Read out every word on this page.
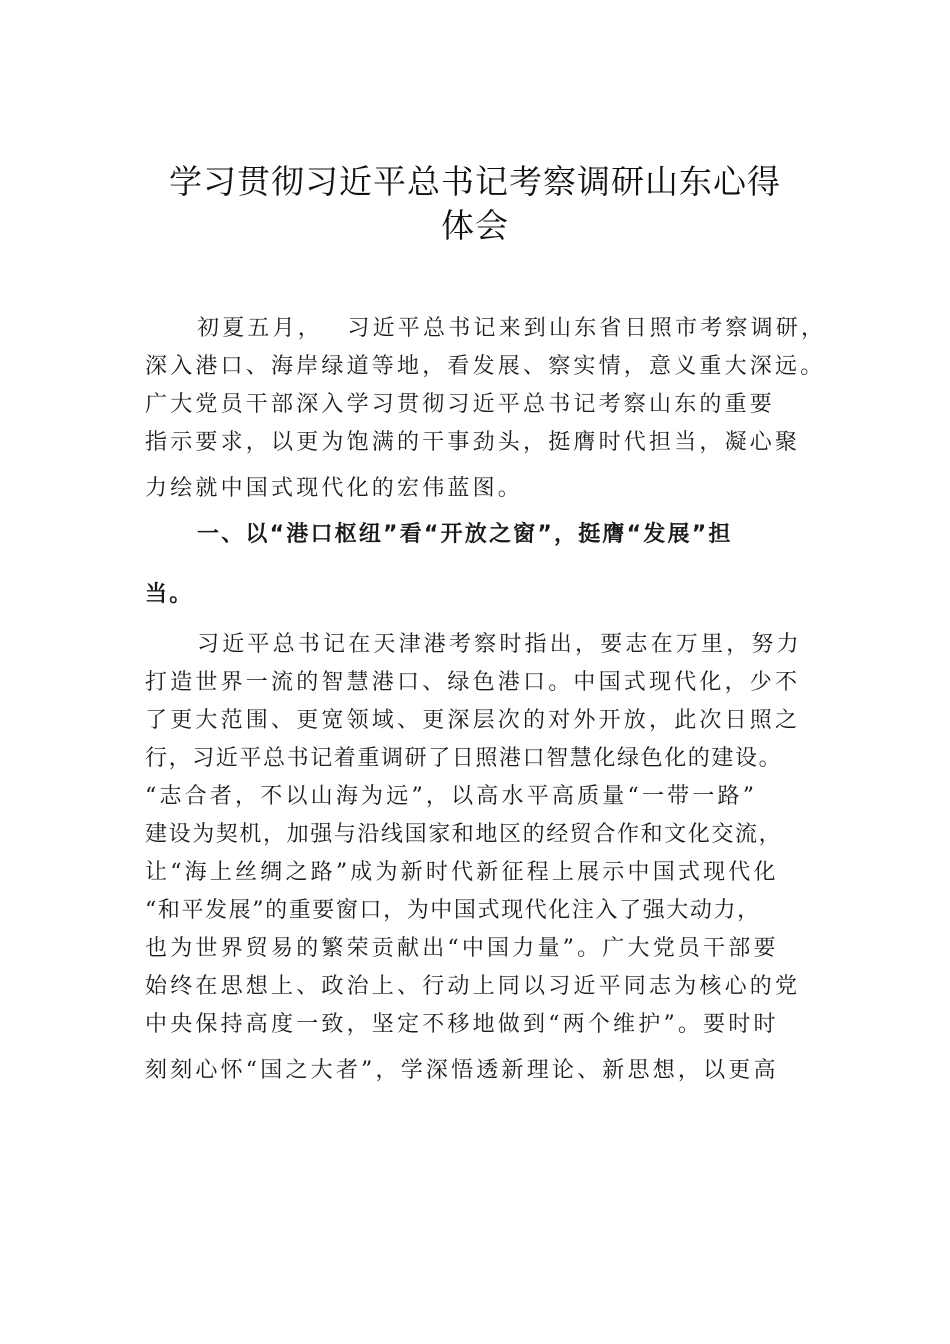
学习贯彻习近平总书记考察调研山东心得
体会
初夏五月，　 习近平总书记来到山东省日照市考察调研，
深入港口、海岸绿道等地，看发展、察实情，意义重大深远。
广大党员干部深入学习贯彻习近平总书记考察山东的重要
指示要求，以更为饱满的干事劲头，挺膺时代担当，凝心聚
力绘就中国式现代化的宏伟蓝图。
一、以“港口枢纽”看“开放之窗”，挺膺“发展”担
当。
习近平总书记在天津港考察时指出，要志在万里，努力
打造世界一流的智慧港口、绿色港口。中国式现代化，少不
了更大范围、更宽领域、更深层次的对外开放，此次日照之
行，习近平总书记着重调研了日照港口智慧化绿色化的建设。
“志合者，不以山海为远”，以高水平高质量“一带一路”
建设为契机，加强与沿线国家和地区的经贸合作和文化交流，
让“海上丝绸之路”成为新时代新征程上展示中国式现代化
“和平发展”的重要窗口，为中国式现代化注入了强大动力，
也为世界贸易的繁荣贡献出“中国力量”。广大党员干部要
始终在思想上、政治上、行动上同以习近平同志为核心的党
中央保持高度一致，坚定不移地做到“两个维护”。要时时
刻刻心怀“国之大者”，学深悟透新理论、新思想，以更高
